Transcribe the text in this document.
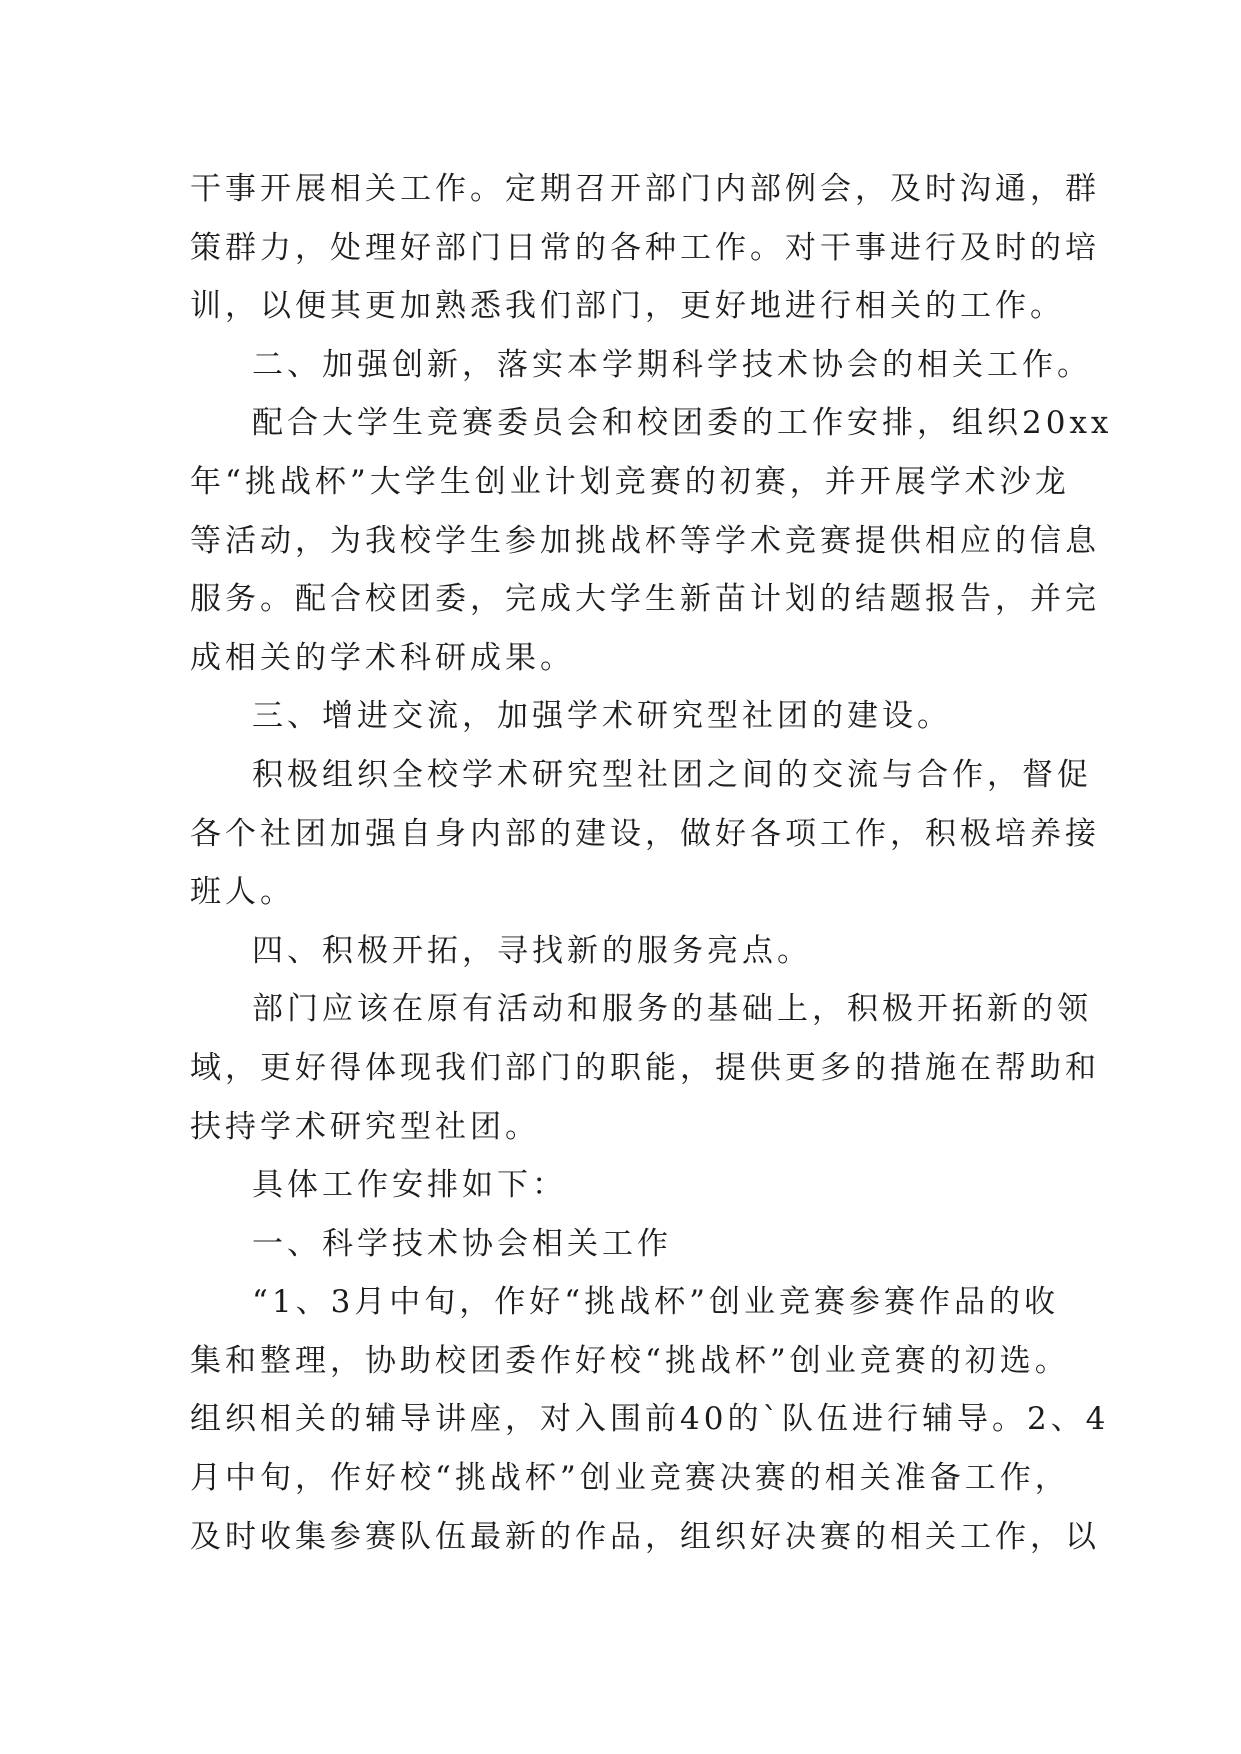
干事开展相关工作。定期召开部门内部例会，及时沟通，群
策群力，处理好部门日常的各种工作。对干事进行及时的培
训，以便其更加熟悉我们部门，更好地进行相关的工作。
二、加强创新，落实本学期科学技术协会的相关工作。
配合大学生竞赛委员会和校团委的工作安排，组织20xx
年“挑战杯”大学生创业计划竞赛的初赛，并开展学术沙龙
等活动，为我校学生参加挑战杯等学术竞赛提供相应的信息
服务。配合校团委，完成大学生新苗计划的结题报告，并完
成相关的学术科研成果。
三、增进交流，加强学术研究型社团的建设。
积极组织全校学术研究型社团之间的交流与合作，督促
各个社团加强自身内部的建设，做好各项工作，积极培养接
班人。
四、积极开拓，寻找新的服务亮点。
部门应该在原有活动和服务的基础上，积极开拓新的领
域，更好得体现我们部门的职能，提供更多的措施在帮助和
扶持学术研究型社团。
具体工作安排如下：
一、科学技术协会相关工作
“1、3月中旬，作好“挑战杯”创业竞赛参赛作品的收
集和整理，协助校团委作好校“挑战杯”创业竞赛的初选。
组织相关的辅导讲座，对入围前40的`队伍进行辅导。2、4
月中旬，作好校“挑战杯”创业竞赛决赛的相关准备工作，
及时收集参赛队伍最新的作品，组织好决赛的相关工作，以
